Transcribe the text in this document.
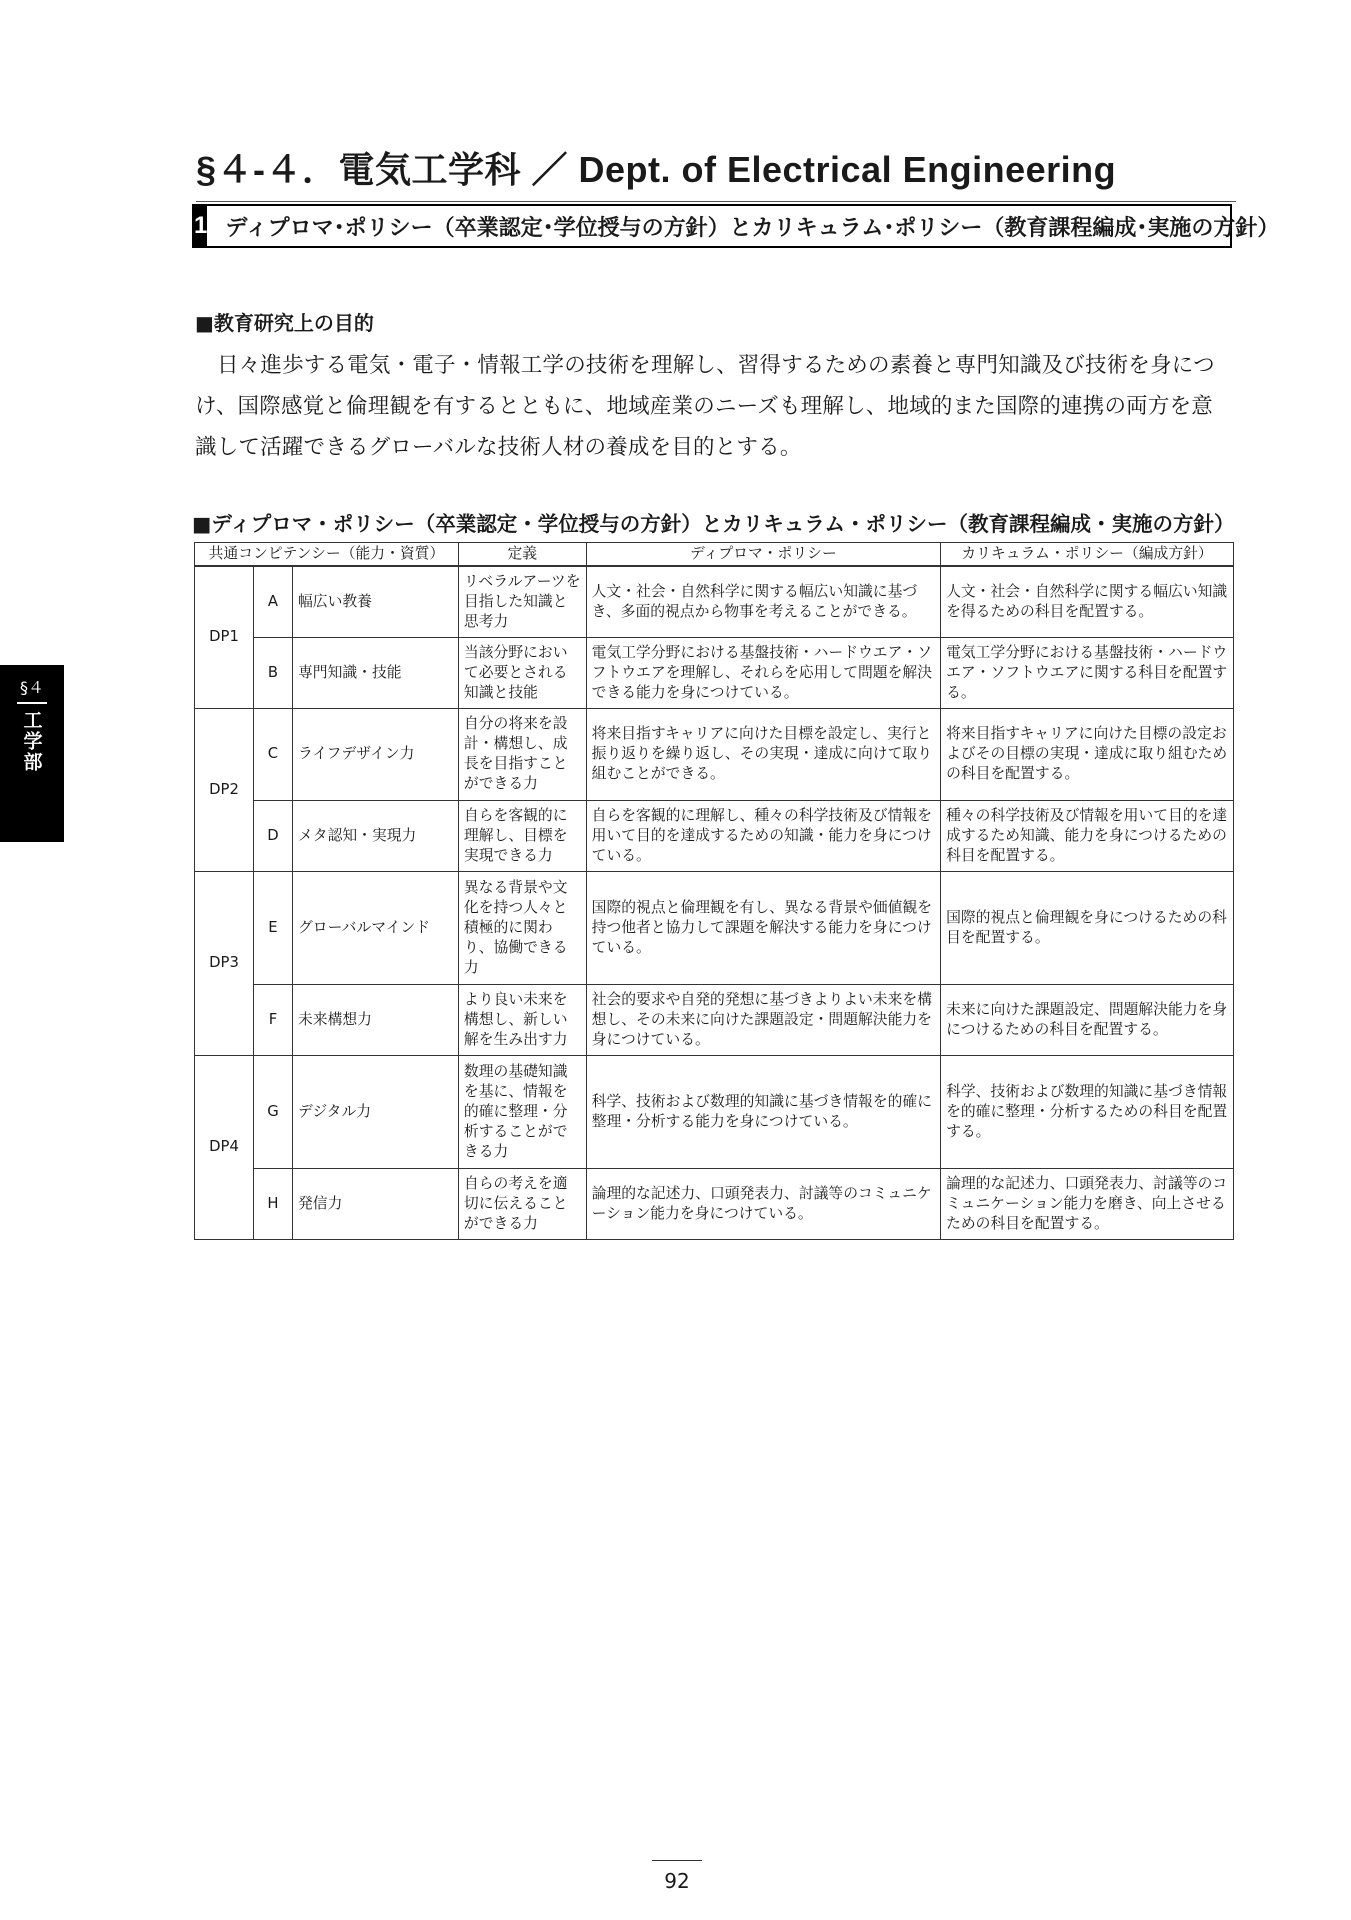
§４-４．電気工学科 ／ Dept. of Electrical Engineering
1 ディプロマ･ポリシー（卒業認定･学位授与の方針）とカリキュラム･ポリシー（教育課程編成･実施の方針）
■教育研究上の目的
日々進歩する電気・電子・情報工学の技術を理解し、習得するための素養と専門知識及び技術を身につけ、国際感覚と倫理観を有するとともに、地域産業のニーズも理解し、地域的また国際的連携の両方を意識して活躍できるグローバルな技術人材の養成を目的とする。
■ディプロマ・ポリシー（卒業認定・学位授与の方針）とカリキュラム・ポリシー（教育課程編成・実施の方針）
共通コンピテンシー（能力・資質）			定義	ディプロマ・ポリシー	カリキュラム・ポリシー（編成方針）
DP1	A	幅広い教養	リベラルアーツを目指した知識と思考力	人文・社会・自然科学に関する幅広い知識に基づき、多面的視点から物事を考えることができる。	人文・社会・自然科学に関する幅広い知識を得るための科目を配置する。
	B	専門知識・技能	当該分野において必要とされる知識と技能	電気工学分野における基盤技術・ハードウエア・ソフトウエアを理解し、それらを応用して問題を解決できる能力を身につけている。	電気工学分野における基盤技術・ハードウエア・ソフトウエアに関する科目を配置する。
DP2	C	ライフデザイン力	自分の将来を設計・構想し、成長を目指すことができる力	将来目指すキャリアに向けた目標を設定し、実行と振り返りを繰り返し、その実現・達成に向けて取り組むことができる。	将来目指すキャリアに向けた目標の設定およびその目標の実現・達成に取り組むための科目を配置する。
	D	メタ認知・実現力	自らを客観的に理解し、目標を実現できる力	自らを客観的に理解し、種々の科学技術及び情報を用いて目的を達成するための知識・能力を身につけている。	種々の科学技術及び情報を用いて目的を達成するため知識、能力を身につけるための科目を配置する。
DP3	E	グローバルマインド	異なる背景や文化を持つ人々と積極的に関わり、協働できる力	国際的視点と倫理観を有し、異なる背景や価値観を持つ他者と協力して課題を解決する能力を身につけている。	国際的視点と倫理観を身につけるための科目を配置する。
	F	未来構想力	より良い未来を構想し、新しい解を生み出す力	社会的要求や自発的発想に基づきよりよい未来を構想し、その未来に向けた課題設定・問題解決能力を身につけている。	未来に向けた課題設定、問題解決能力を身につけるための科目を配置する。
DP4	G	デジタル力	数理の基礎知識を基に、情報を的確に整理・分析することができる力	科学、技術および数理的知識に基づき情報を的確に整理・分析する能力を身につけている。	科学、技術および数理的知識に基づき情報を的確に整理・分析するための科目を配置する。
	H	発信力	自らの考えを適切に伝えることができる力	論理的な記述力、口頭発表力、討議等のコミュニケーション能力を身につけている。	論理的な記述力、口頭発表力、討議等のコミュニケーション能力を磨き、向上させるための科目を配置する。
§４
工学部
92
